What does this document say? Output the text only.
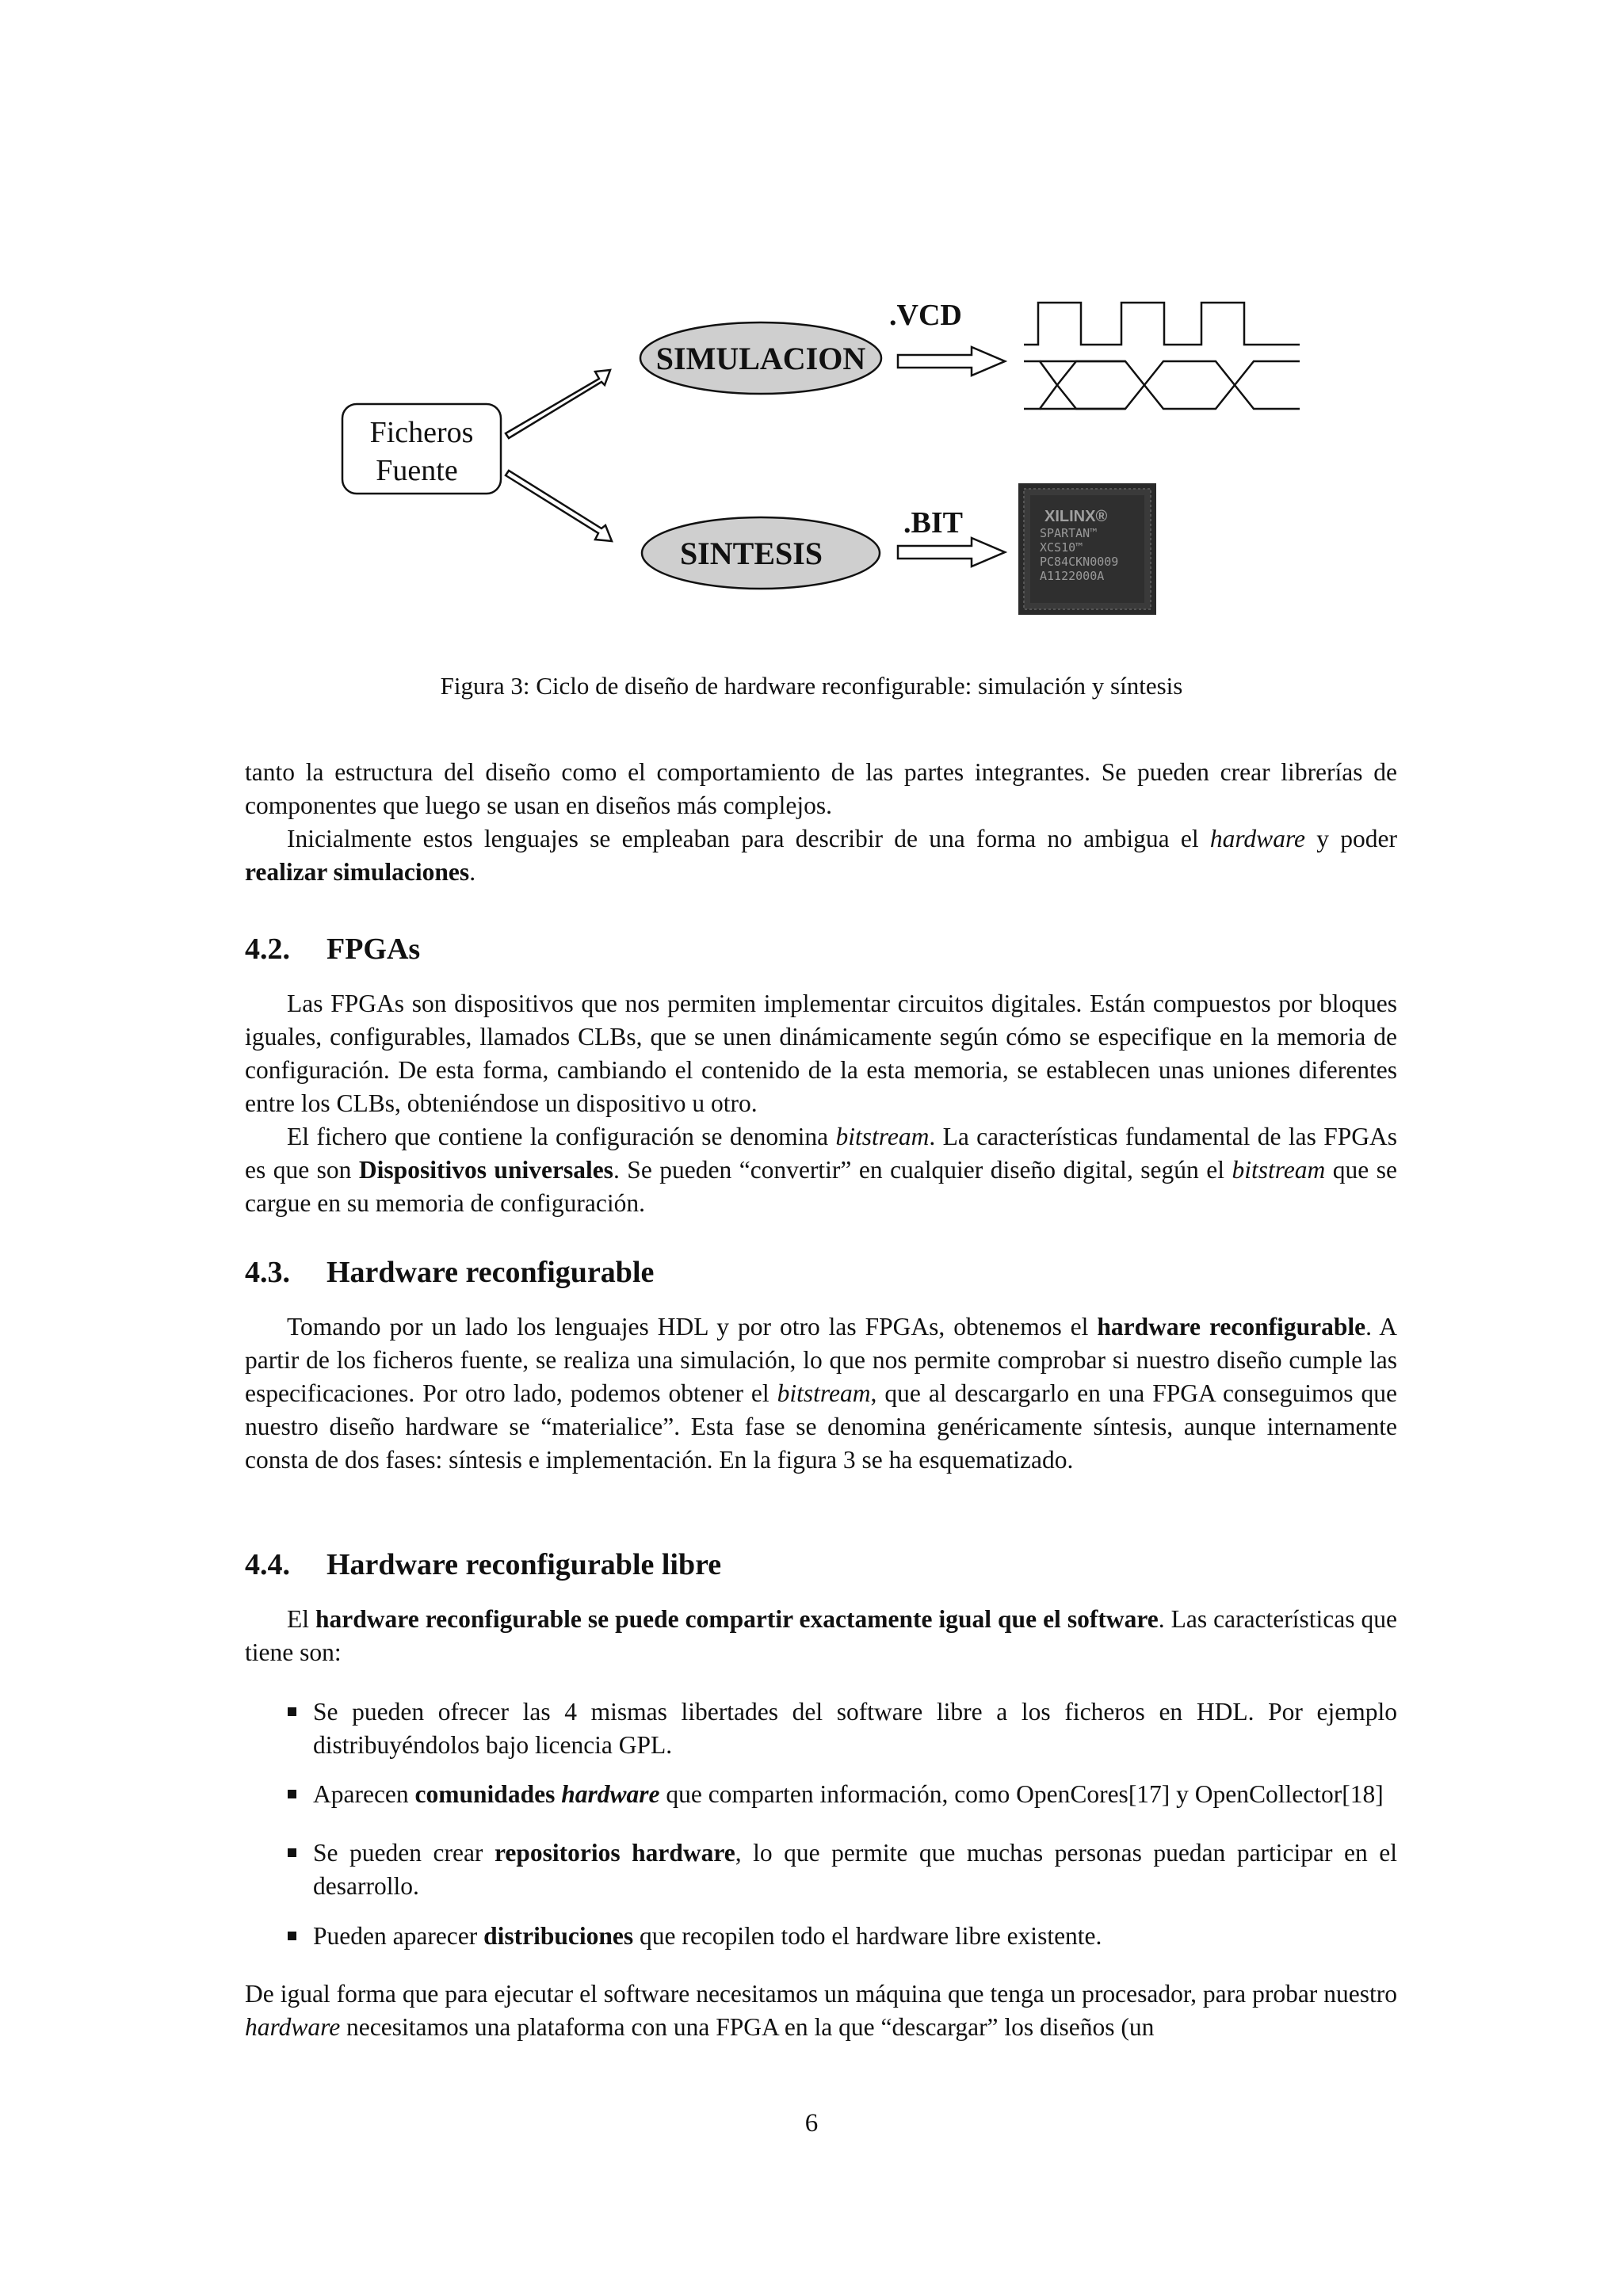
Ficheros
Fuente
SIMULACION
SINTESIS
.VCD
.BIT	XILINX®
SPARTAN™
XCS10™
PC84CKN0009
A1122000A
Figura 3: Ciclo de diseño de hardware reconfigurable: simulación y síntesis

tanto la estructura del diseño como el comportamiento de las partes integrantes. Se pueden crear librerías de componentes que luego se usan en diseños más complejos.

Inicialmente estos lenguajes se empleaban para describir de una forma no ambigua el hardware y poder realizar simulaciones.

4.2. FPGAs

Las FPGAs son dispositivos que nos permiten implementar circuitos digitales. Están compuestos por bloques iguales, configurables, llamados CLBs, que se unen dinámicamente según cómo se especifique en la memoria de configuración. De esta forma, cambiando el contenido de la esta memoria, se establecen unas uniones diferentes entre los CLBs, obteniéndose un dispositivo u otro.

El fichero que contiene la configuración se denomina bitstream. La características fundamental de las FPGAs es que son Dispositivos universales. Se pueden “convertir” en cualquier diseño digital, según el bitstream que se cargue en su memoria de configuración.

4.3. Hardware reconfigurable

Tomando por un lado los lenguajes HDL y por otro las FPGAs, obtenemos el hardware reconfigurable. A partir de los ficheros fuente, se realiza una simulación, lo que nos permite comprobar si nuestro diseño cumple las especificaciones. Por otro lado, podemos obtener el bitstream, que al descargarlo en una FPGA conseguimos que nuestro diseño hardware se “materialice”. Esta fase se denomina genéricamente síntesis, aunque internamente consta de dos fases: síntesis e implementación. En la figura 3 se ha esquematizado.

4.4. Hardware reconfigurable libre

El hardware reconfigurable se puede compartir exactamente igual que el software. Las características que tiene son:

Se pueden ofrecer las 4 mismas libertades del software libre a los ficheros en HDL. Por ejemplo distribuyéndolos bajo licencia GPL.
Aparecen comunidades hardware que comparten información, como OpenCores[17] y OpenCollector[18]
Se pueden crear repositorios hardware, lo que permite que muchas personas puedan participar en el desarrollo.
Pueden aparecer distribuciones que recopilen todo el hardware libre existente.

De igual forma que para ejecutar el software necesitamos un máquina que tenga un procesador, para probar nuestro hardware necesitamos una plataforma con una FPGA en la que “descargar” los diseños (un

6
